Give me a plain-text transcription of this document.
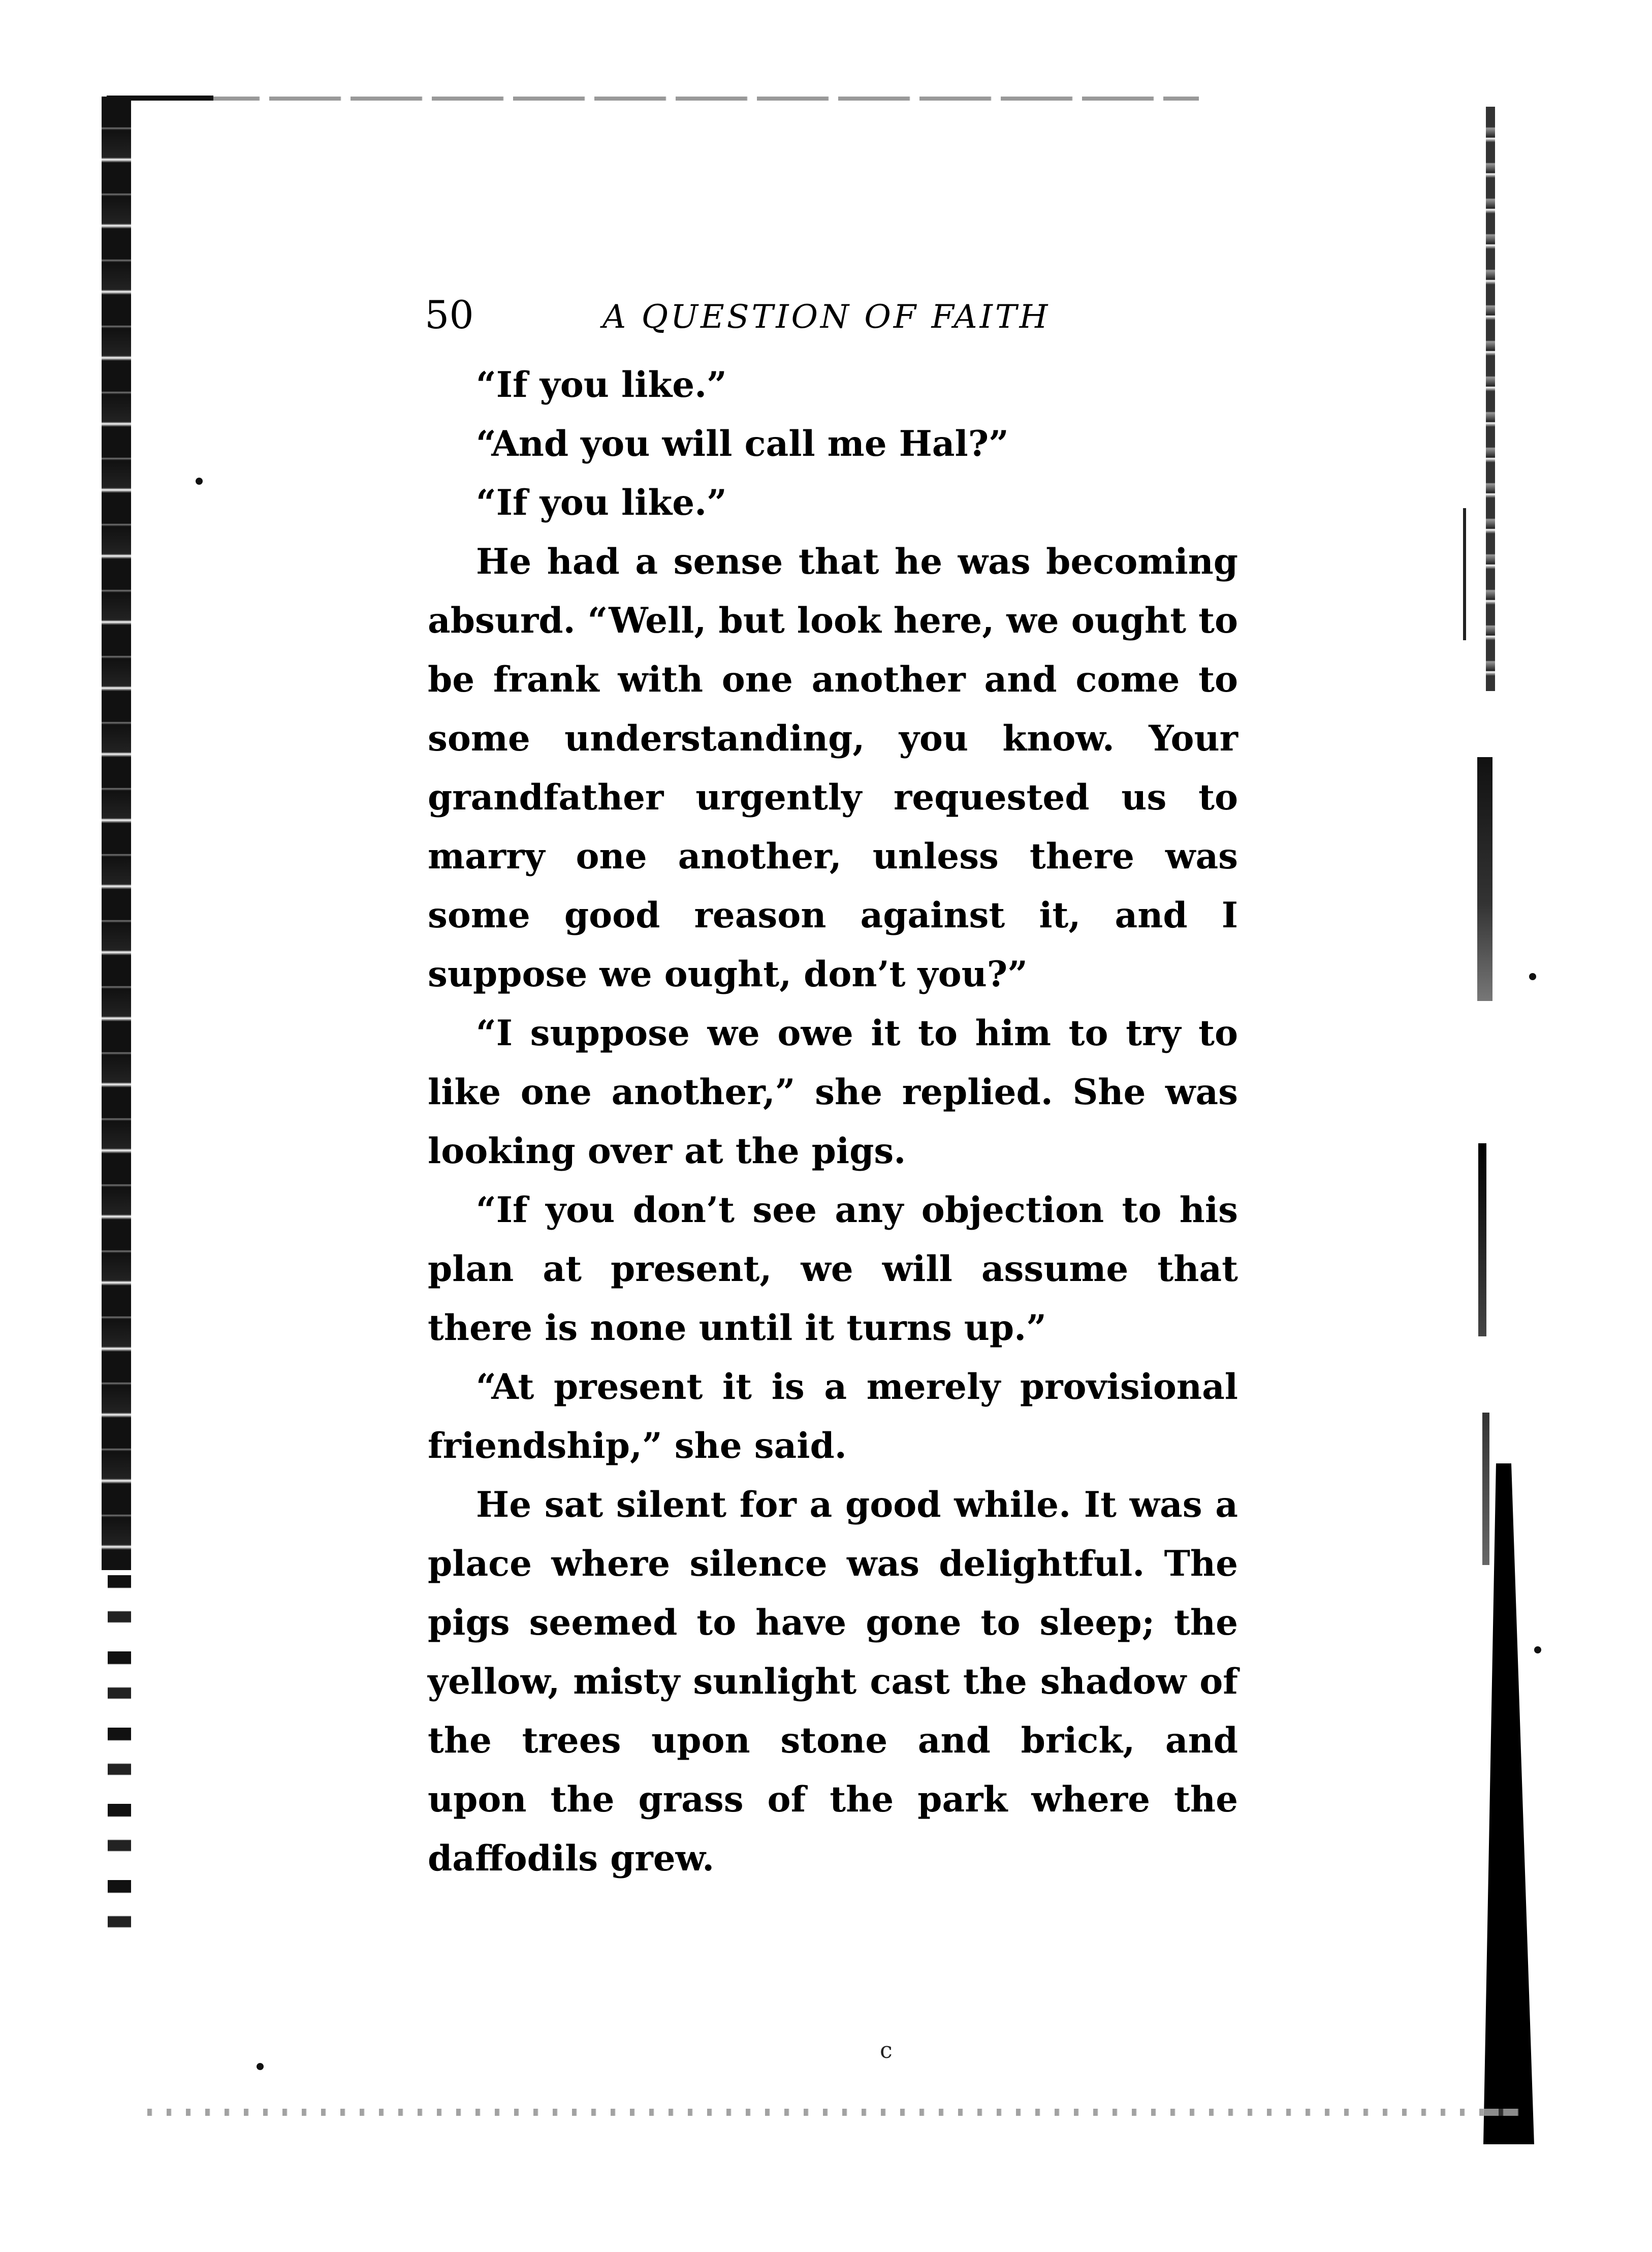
50	A QUESTION OF FAITH

“If you like.”

“And you will call me Hal?”

“If you like.”

He had a sense that he was becoming absurd. “Well, but look here, we ought to be frank with one another and come to some understanding, you know. Your grandfather urgently requested us to marry one another, unless there was some good reason against it, and I suppose we ought, don’t you?”

“I suppose we owe it to him to try to like one another,” she replied. She was looking over at the pigs.

“If you don’t see any objection to his plan at present, we will assume that there is none until it turns up.”

“At present it is a merely provisional friendship,” she said.

He sat silent for a good while. It was a place where silence was delightful. The pigs seemed to have gone to sleep; the yellow, misty sunlight cast the shadow of the trees upon stone and brick, and upon the grass of the park where the daffodils grew.

c
